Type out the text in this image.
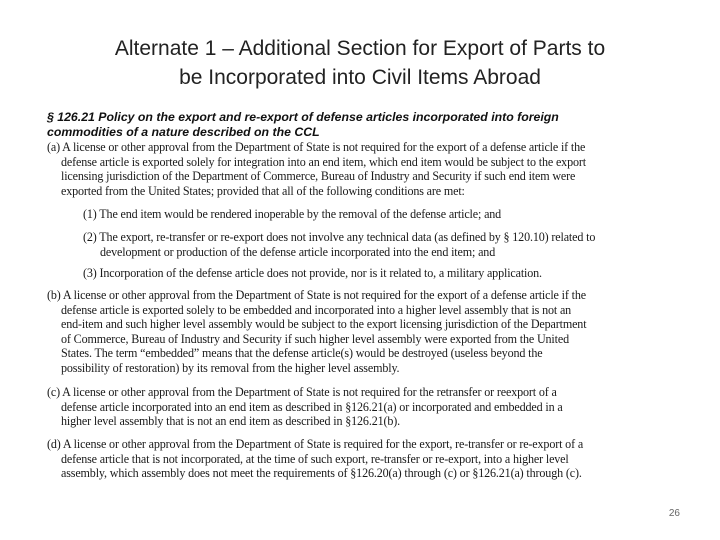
Alternate 1 – Additional Section for Export of Parts to
be Incorporated into Civil Items Abroad
§ 126.21 Policy on the export and re-export of defense articles incorporated into foreign
commodities of a nature described on the CCL
(a) A license or other approval from the Department of State is not required for the export of a defense article if the
defense article is exported solely for integration into an end item, which end item would be subject to the export
licensing jurisdiction of the Department of Commerce, Bureau of Industry and Security if such end item were
exported from the United States; provided that all of the following conditions are met:
(1) The end item would be rendered inoperable by the removal of the defense article; and
(2) The export, re-transfer or re-export does not involve any technical data (as defined by § 120.10) related to
development or production of the defense article incorporated into the end item; and
(3) Incorporation of the defense article does not provide, nor is it related to, a military application.
(b) A license or other approval from the Department of State is not required for the export of a defense article if the
defense article is exported solely to be embedded and incorporated into a higher level assembly that is not an
end-item and such higher level assembly would be subject to the export licensing jurisdiction of the Department
of Commerce, Bureau of Industry and Security if such higher level assembly were exported from the United
States. The term “embedded” means that the defense article(s) would be destroyed (useless beyond the
possibility of restoration) by its removal from the higher level assembly.
(c) A license or other approval from the Department of State is not required for the retransfer or reexport of a
defense article incorporated into an end item as described in §126.21(a) or incorporated and embedded in a
higher level assembly that is not an end item as described in §126.21(b).
(d) A license or other approval from the Department of State is required for the export, re-transfer or re-export of a
defense article that is not incorporated, at the time of such export, re-transfer or re-export, into a higher level
assembly, which assembly does not meet the requirements of §126.20(a) through (c) or §126.21(a) through (c).
26
